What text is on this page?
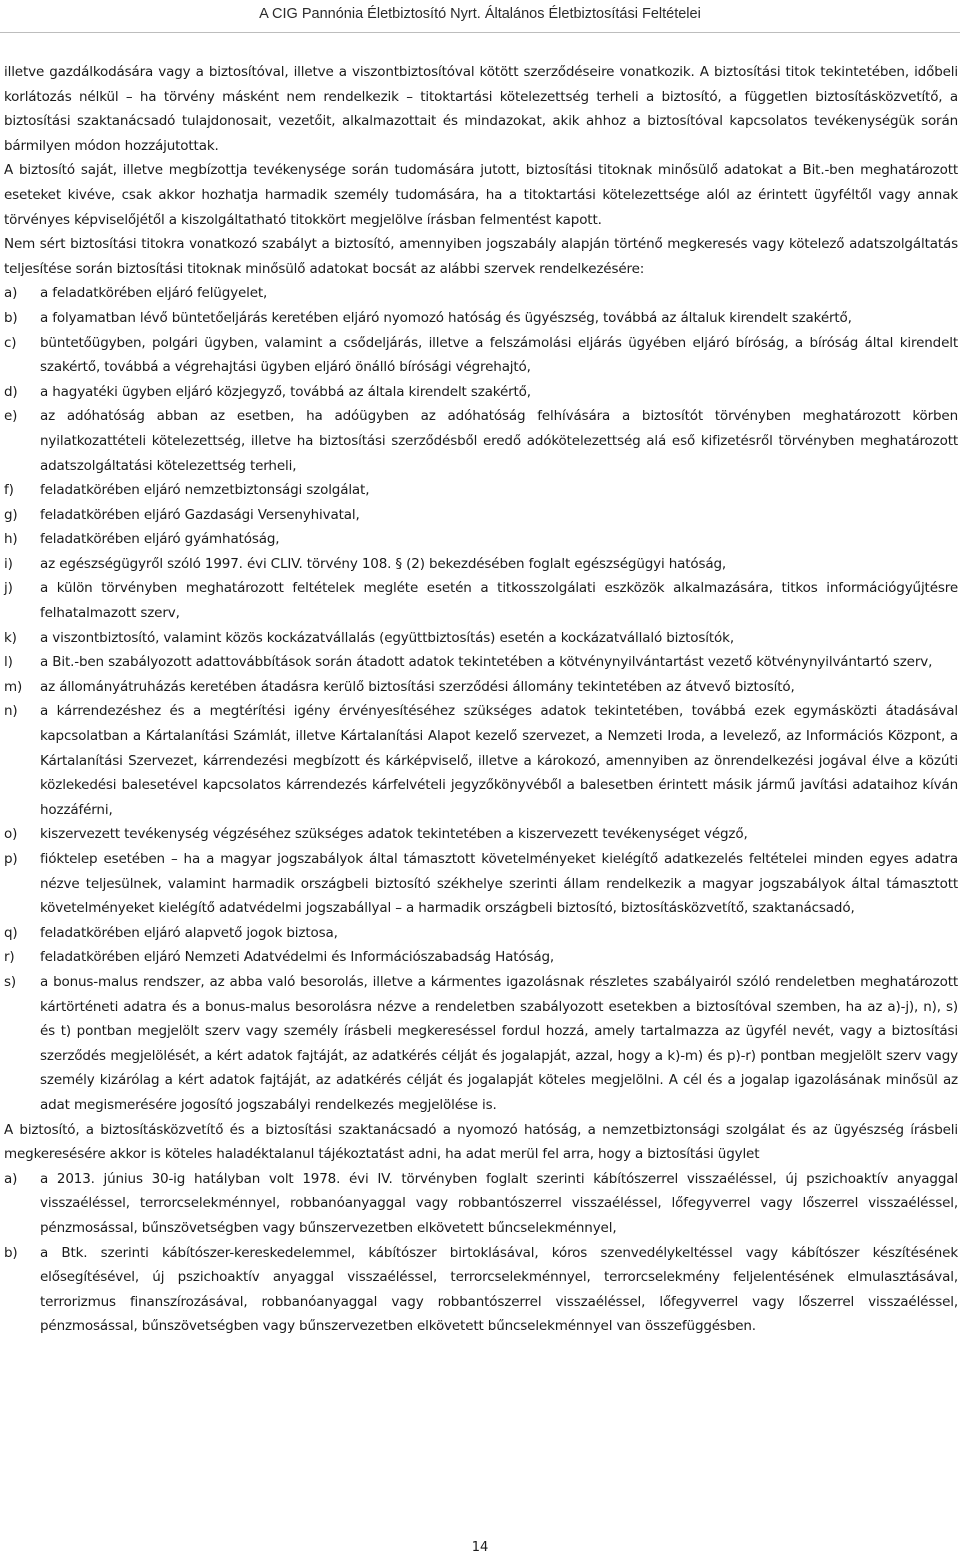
A CIG Pannónia Életbiztosító Nyrt. Általános Életbiztosítási Feltételei

illetve gazdálkodására vagy a biztosítóval, illetve a viszontbiztosítóval kötött szerződéseire vonatkozik. A biztosítási titok tekintetében, időbeli korlátozás nélkül – ha törvény másként nem rendelkezik – titoktartási kötelezettség terheli a biztosító, a független biztosításközvetítő, a biztosítási szaktanácsadó tulajdonosait, vezetőit, alkalmazottait és mindazokat, akik ahhoz a biztosítóval kapcsolatos tevékenységük során bármilyen módon hozzájutottak.

A biztosító saját, illetve megbízottja tevékenysége során tudomására jutott, biztosítási titoknak minősülő adatokat a Bit.-ben meghatározott eseteket kivéve, csak akkor hozhatja harmadik személy tudomására, ha a titoktartási kötelezettsége alól az érintett ügyféltől vagy annak törvényes képviselőjétől a kiszolgáltatható titokkört megjelölve írásban felmentést kapott.

Nem sért biztosítási titokra vonatkozó szabályt a biztosító, amennyiben jogszabály alapján történő megkeresés vagy kötelező adatszolgáltatás teljesítése során biztosítási titoknak minősülő adatokat bocsát az alábbi szervek rendelkezésére:

a)	a feladatkörében eljáró felügyelet,
b)	a folyamatban lévő büntetőeljárás keretében eljáró nyomozó hatóság és ügyészség, továbbá az általuk kirendelt szakértő,
c)	büntetőügyben, polgári ügyben, valamint a csődeljárás, illetve a felszámolási eljárás ügyében eljáró bíróság, a bíróság által kirendelt szakértő, továbbá a végrehajtási ügyben eljáró önálló bírósági végrehajtó,
d)	a hagyatéki ügyben eljáró közjegyző, továbbá az általa kirendelt szakértő,
e)	az adóhatóság abban az esetben, ha adóügyben az adóhatóság felhívására a biztosítót törvényben meghatározott körben nyilatkozattételi kötelezettség, illetve ha biztosítási szerződésből eredő adókötelezettség alá eső kifizetésről törvényben meghatározott adatszolgáltatási kötelezettség terheli,
f)	feladatkörében eljáró nemzetbiztonsági szolgálat,
g)	feladatkörében eljáró Gazdasági Versenyhivatal,
h)	feladatkörében eljáró gyámhatóság,
i)	az egészségügyről szóló 1997. évi CLIV. törvény 108. § (2) bekezdésében foglalt egészségügyi hatóság,
j)	a külön törvényben meghatározott feltételek megléte esetén a titkosszolgálati eszközök alkalmazására, titkos információgyűjtésre felhatalmazott szerv,
k)	a viszontbiztosító, valamint közös kockázatvállalás (együttbiztosítás) esetén a kockázatvállaló biztosítók,
l)	a Bit.-ben szabályozott adattovábbítások során átadott adatok tekintetében a kötvénynyilvántartást vezető kötvénynyilvántartó szerv,
m)	az állományátruházás keretében átadásra kerülő biztosítási szerződési állomány tekintetében az átvevő biztosító,
n)	a kárrendezéshez és a megtérítési igény érvényesítéséhez szükséges adatok tekintetében, továbbá ezek egymásközti átadásával kapcsolatban a Kártalanítási Számlát, illetve Kártalanítási Alapot kezelő szervezet, a Nemzeti Iroda, a levelező, az Információs Központ, a Kártalanítási Szervezet, kárrendezési megbízott és kárképviselő, illetve a károkozó, amennyiben az önrendelkezési jogával élve a közúti közlekedési balesetével kapcsolatos kárrendezés kárfelvételi jegyzőkönyvéből a balesetben érintett másik jármű javítási adataihoz kíván hozzáférni,
o)	kiszervezett tevékenység végzéséhez szükséges adatok tekintetében a kiszervezett tevékenységet végző,
p)	fióktelep esetében – ha a magyar jogszabályok által támasztott követelményeket kielégítő adatkezelés feltételei minden egyes adatra nézve teljesülnek, valamint harmadik országbeli biztosító székhelye szerinti állam rendelkezik a magyar jogszabályok által támasztott követelményeket kielégítő adatvédelmi jogszabállyal – a harmadik országbeli biztosító, biztosításközvetítő, szaktanácsadó,
q)	feladatkörében eljáró alapvető jogok biztosa,
r)	feladatkörében eljáró Nemzeti Adatvédelmi és Információszabadság Hatóság,
s)	a bonus-malus rendszer, az abba való besorolás, illetve a kármentes igazolásnak részletes szabályairól szóló rendeletben meghatározott kártörténeti adatra és a bonus-malus besorolásra nézve a rendeletben szabályozott esetekben a biztosítóval szemben, ha az a)-j), n), s) és t) pontban megjelölt szerv vagy személy írásbeli megkereséssel fordul hozzá, amely tartalmazza az ügyfél nevét, vagy a biztosítási szerződés megjelölését, a kért adatok fajtáját, az adatkérés célját és jogalapját, azzal, hogy a k)-m) és p)-r) pontban megjelölt szerv vagy személy kizárólag a kért adatok fajtáját, az adatkérés célját és jogalapját köteles megjelölni. A cél és a jogalap igazolásának minősül az adat megismerésére jogosító jogszabályi rendelkezés megjelölése is.

A biztosító, a biztosításközvetítő és a biztosítási szaktanácsadó a nyomozó hatóság, a nemzetbiztonsági szolgálat és az ügyészség írásbeli megkeresésére akkor is köteles haladéktalanul tájékoztatást adni, ha adat merül fel arra, hogy a biztosítási ügylet

a)	a 2013. június 30-ig hatályban volt 1978. évi IV. törvényben foglalt szerinti kábítószerrel visszaéléssel, új pszichoaktív anyaggal visszaéléssel, terrorcselekménnyel, robbanóanyaggal vagy robbantószerrel visszaéléssel, lőfegyverrel vagy lőszerrel visszaéléssel, pénzmosással, bűnszövetségben vagy bűnszervezetben elkövetett bűncselekménnyel,
b)	a Btk. szerinti kábítószer-kereskedelemmel, kábítószer birtoklásával, kóros szenvedélykeltéssel vagy kábítószer készítésének elősegítésével, új pszichoaktív anyaggal visszaéléssel, terrorcselekménnyel, terrorcselekmény feljelentésének elmulasztásával, terrorizmus finanszírozásával, robbanóanyaggal vagy robbantószerrel visszaéléssel, lőfegyverrel vagy lőszerrel visszaéléssel, pénzmosással, bűnszövetségben vagy bűnszervezetben elkövetett bűncselekménnyel van összefüggésben.
14
